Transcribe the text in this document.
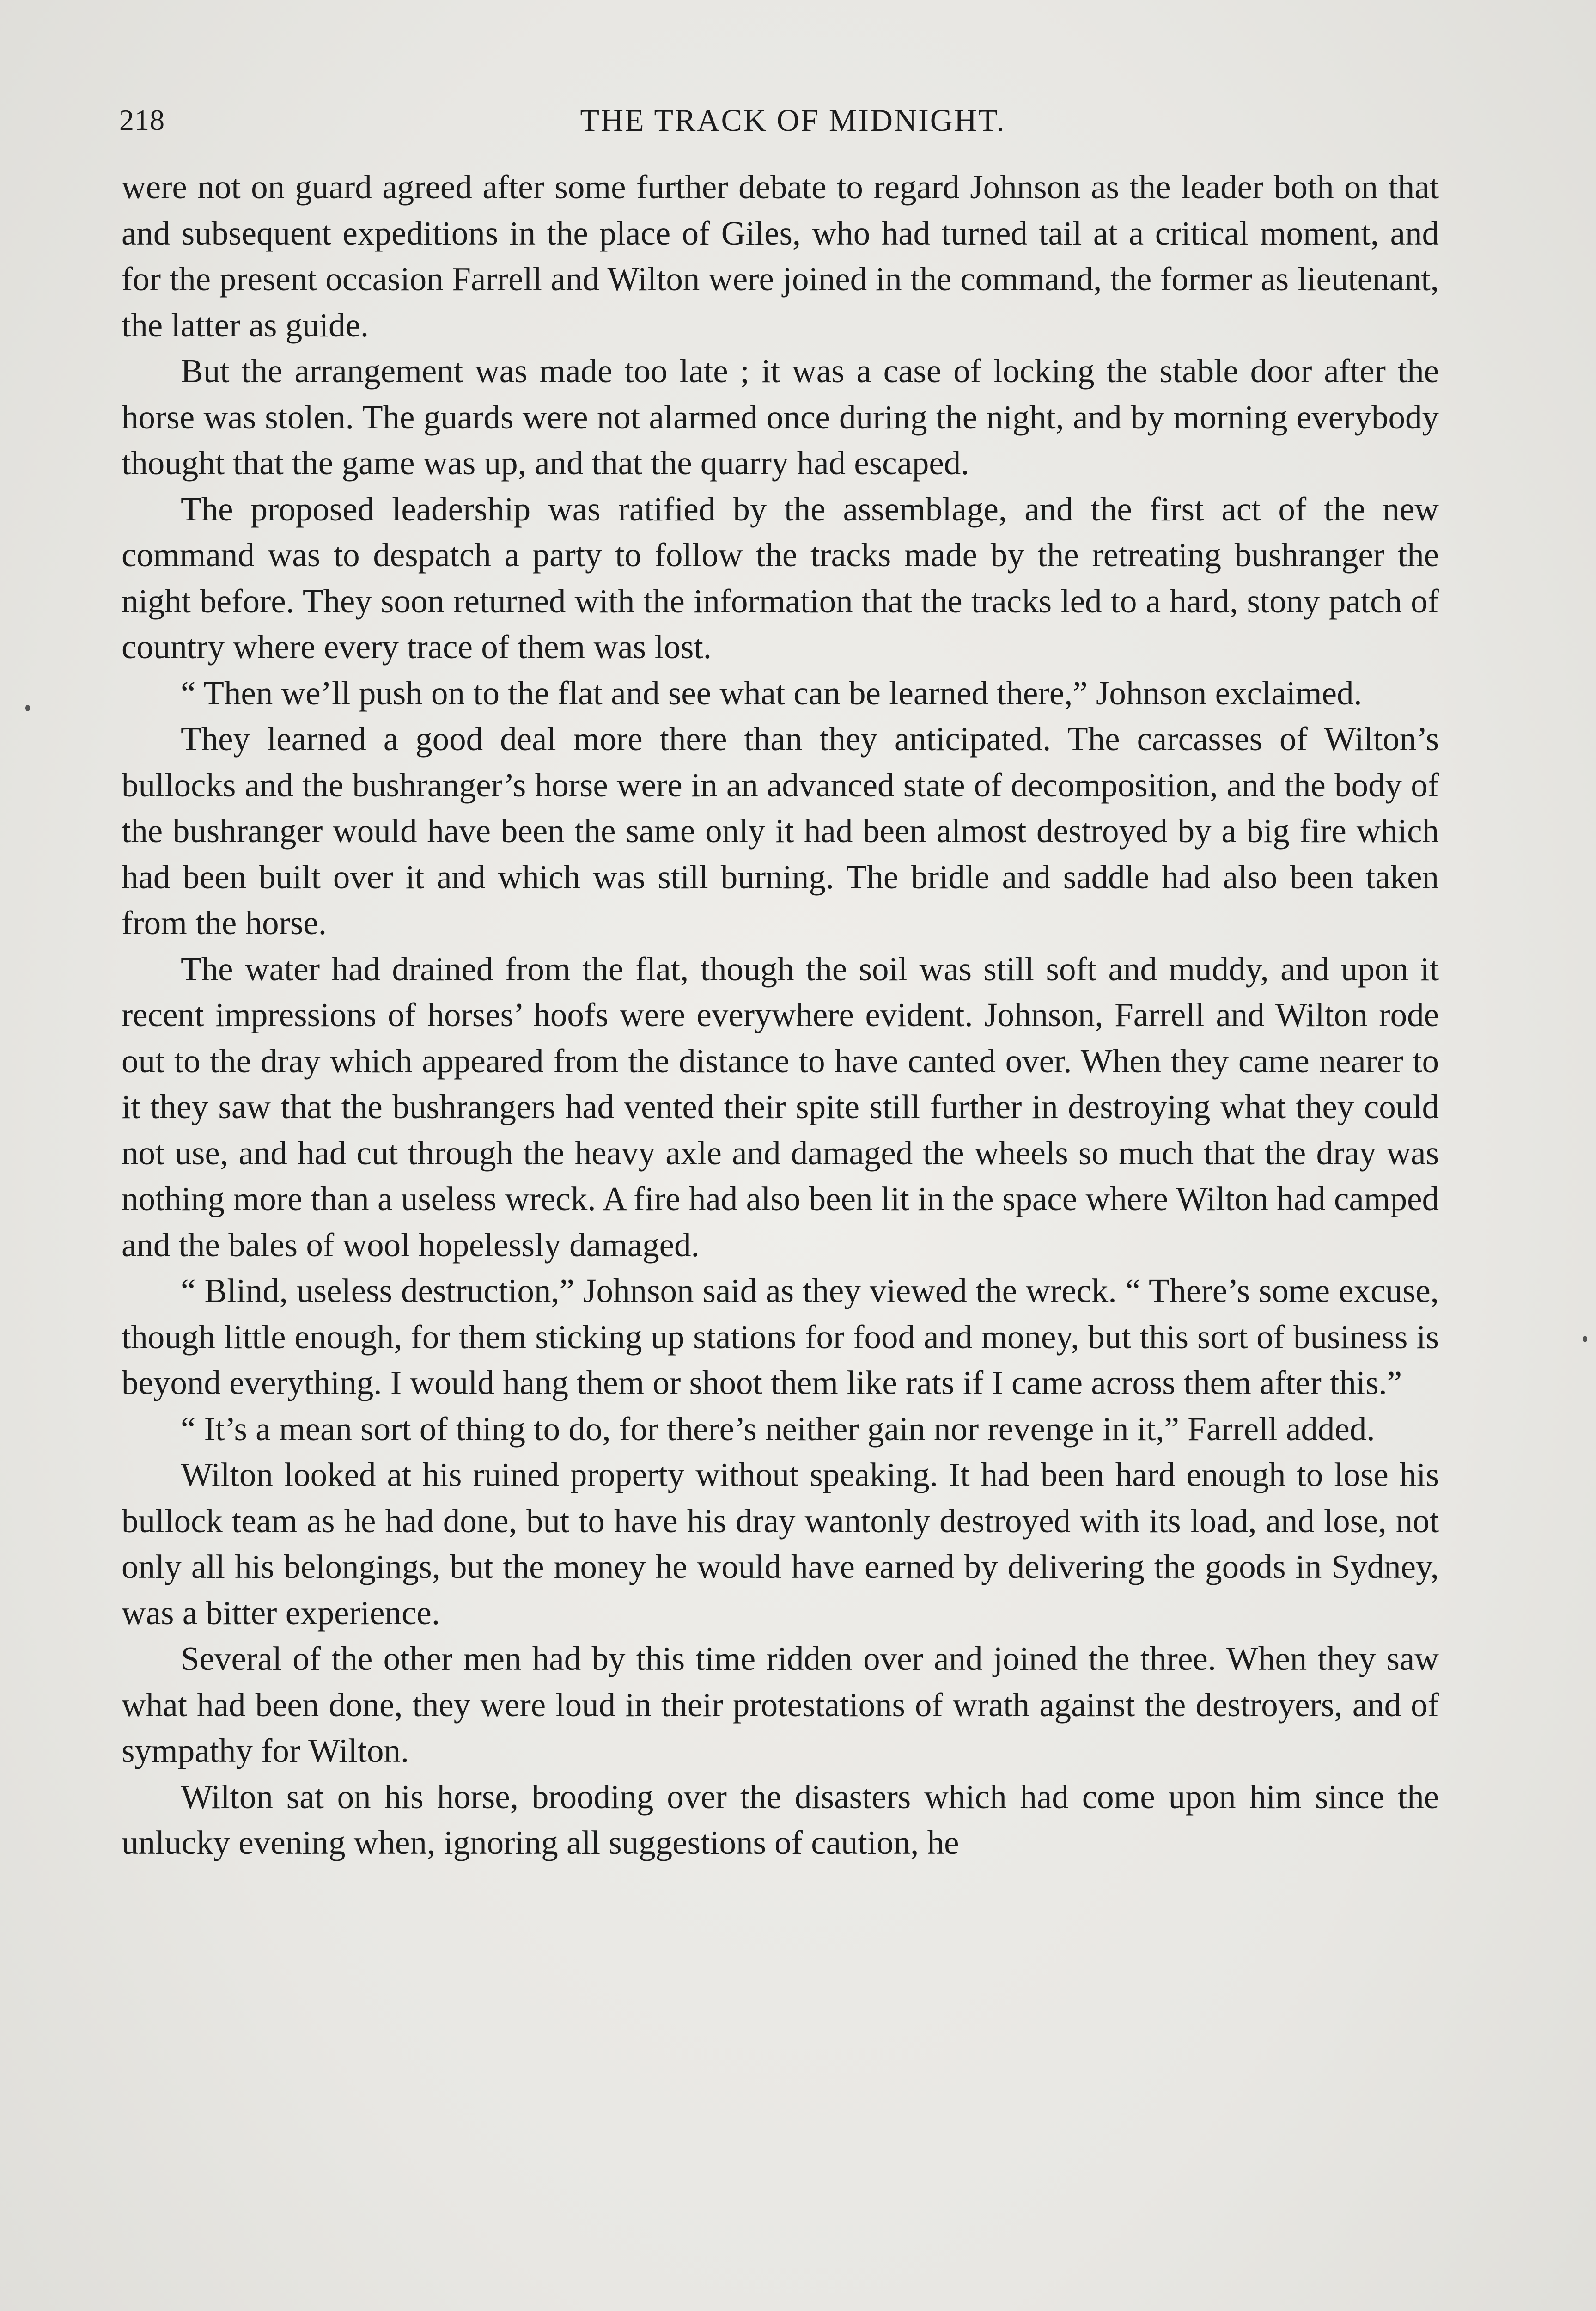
218	THE TRACK OF MIDNIGHT.

were not on guard agreed after some further debate to regard Johnson as the leader both on that and subsequent expeditions in the place of Giles, who had turned tail at a critical moment, and for the present occasion Farrell and Wilton were joined in the command, the former as lieutenant, the latter as guide.

But the arrangement was made too late ; it was a case of locking the stable door after the horse was stolen. The guards were not alarmed once during the night, and by morning everybody thought that the game was up, and that the quarry had escaped.

The proposed leadership was ratified by the assemblage, and the first act of the new command was to despatch a party to follow the tracks made by the retreating bushranger the night before. They soon returned with the information that the tracks led to a hard, stony patch of country where every trace of them was lost.

“ Then we’ll push on to the flat and see what can be learned there,” Johnson exclaimed.

They learned a good deal more there than they anticipated. The carcasses of Wilton’s bullocks and the bushranger’s horse were in an advanced state of decomposition, and the body of the bushranger would have been the same only it had been almost destroyed by a big fire which had been built over it and which was still burning. The bridle and saddle had also been taken from the horse.

The water had drained from the flat, though the soil was still soft and muddy, and upon it recent impressions of horses’ hoofs were everywhere evident. Johnson, Farrell and Wilton rode out to the dray which appeared from the distance to have canted over. When they came nearer to it they saw that the bushrangers had vented their spite still further in destroying what they could not use, and had cut through the heavy axle and damaged the wheels so much that the dray was nothing more than a useless wreck. A fire had also been lit in the space where Wilton had camped and the bales of wool hopelessly damaged.

“ Blind, useless destruction,” Johnson said as they viewed the wreck. “ There’s some excuse, though little enough, for them sticking up stations for food and money, but this sort of business is beyond everything. I would hang them or shoot them like rats if I came across them after this.”

“ It’s a mean sort of thing to do, for there’s neither gain nor revenge in it,” Farrell added.

Wilton looked at his ruined property without speaking. It had been hard enough to lose his bullock team as he had done, but to have his dray wantonly destroyed with its load, and lose, not only all his belongings, but the money he would have earned by delivering the goods in Sydney, was a bitter experience.

Several of the other men had by this time ridden over and joined the three. When they saw what had been done, they were loud in their protestations of wrath against the destroyers, and of sympathy for Wilton.

Wilton sat on his horse, brooding over the disasters which had come upon him since the unlucky evening when, ignoring all suggestions of caution, he
